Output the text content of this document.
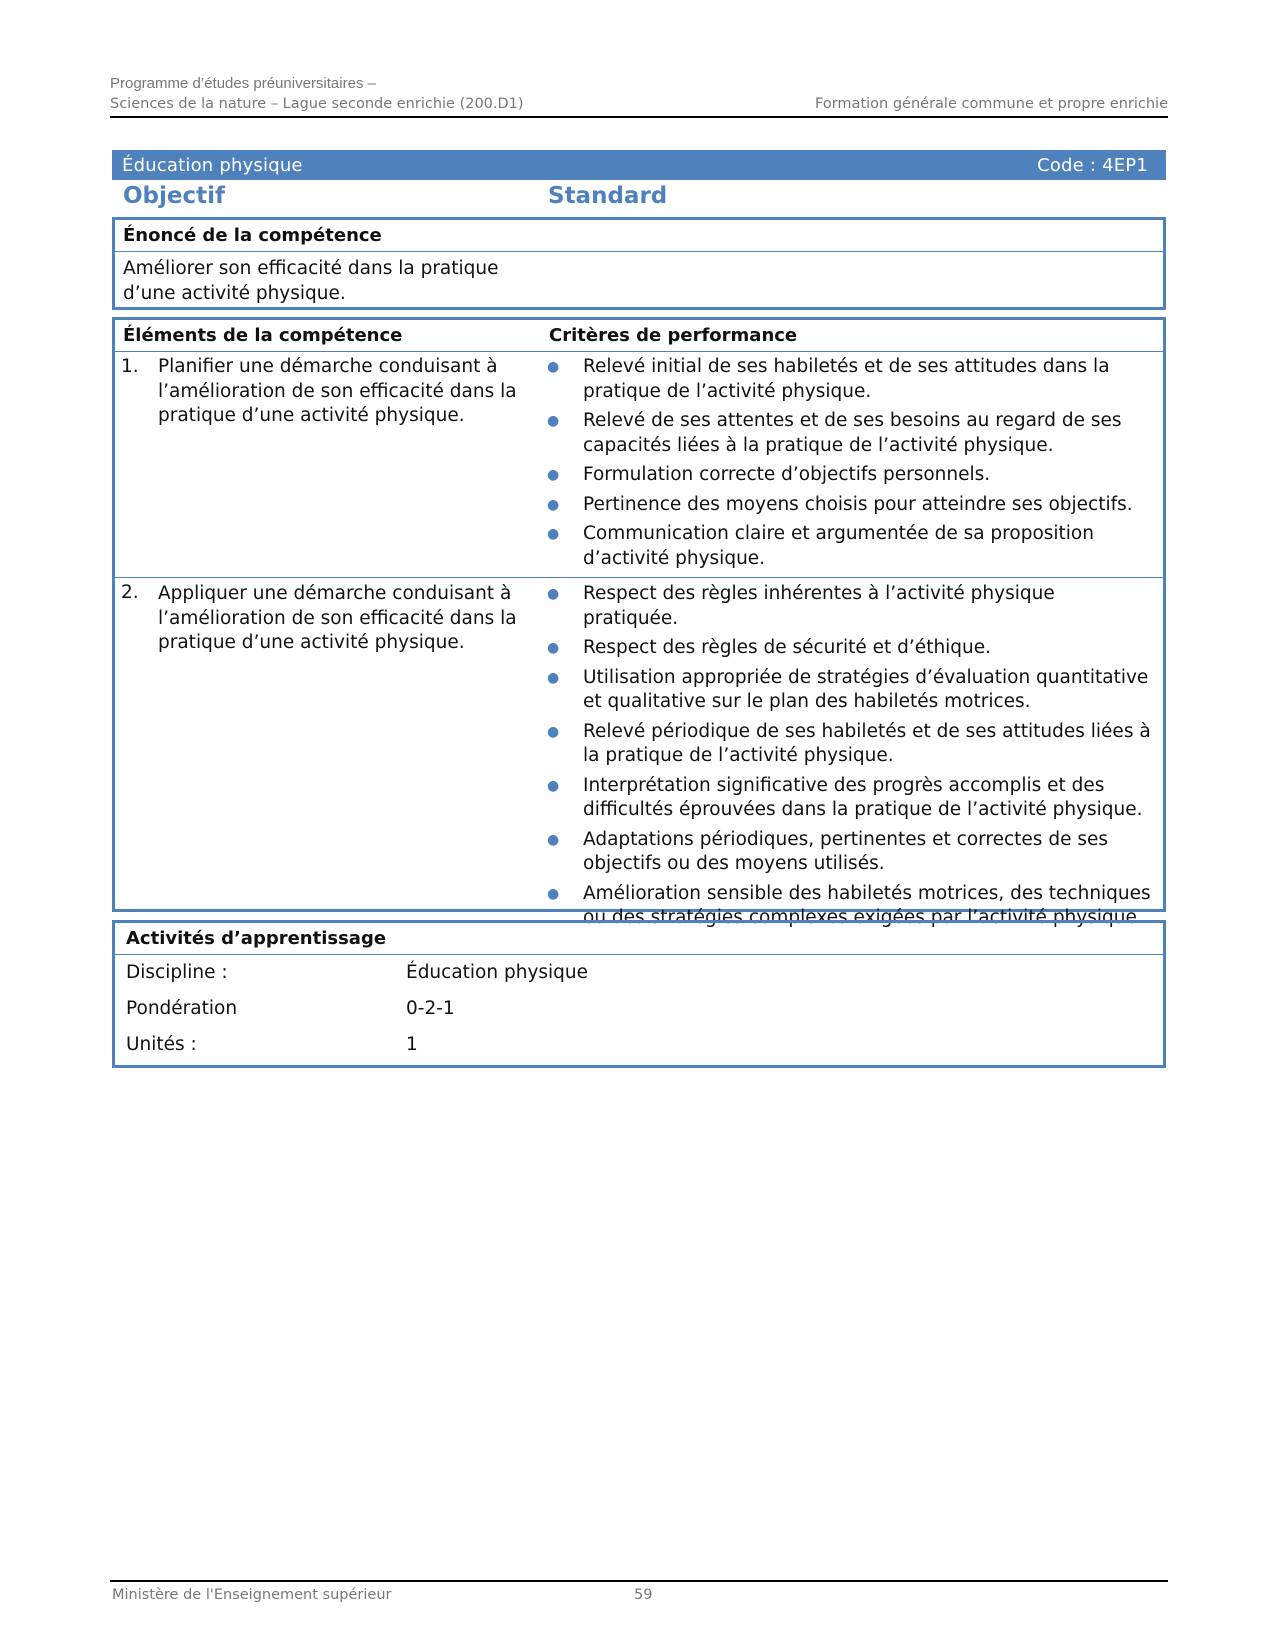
Programme d’études préuniversitaires –
Sciences de la nature – Lague seconde enrichie (200.D1)	Formation générale commune et propre enrichie
Éducation physique	Code : 4EP1
Objectif	Standard
Énoncé de la compétence
Améliorer son efficacité dans la pratique
d’une activité physique.
Éléments de la compétence	Critères de performance
1. Planifier une démarche conduisant à l’amélioration de son efficacité dans la pratique d’une activité physique.
●	Relevé initial de ses habiletés et de ses attitudes dans la pratique de l’activité physique.
●	Relevé de ses attentes et de ses besoins au regard de ses capacités liées à la pratique de l’activité physique.
●	Formulation correcte d’objectifs personnels.
●	Pertinence des moyens choisis pour atteindre ses objectifs.
●	Communication claire et argumentée de sa proposition d’activité physique.
2. Appliquer une démarche conduisant à l’amélioration de son efficacité dans la pratique d’une activité physique.
●	Respect des règles inhérentes à l’activité physique pratiquée.
●	Respect des règles de sécurité et d’éthique.
●	Utilisation appropriée de stratégies d’évaluation quantitative et qualitative sur le plan des habiletés motrices.
●	Relevé périodique de ses habiletés et de ses attitudes liées à la pratique de l’activité physique.
●	Interprétation significative des progrès accomplis et des difficultés éprouvées dans la pratique de l’activité physique.
●	Adaptations périodiques, pertinentes et correctes de ses objectifs ou des moyens utilisés.
●	Amélioration sensible des habiletés motrices, des techniques ou des stratégies complexes exigées par l’activité physique.
Activités d’apprentissage
Discipline :	Éducation physique
Pondération	0-2-1
Unités :	1
Ministère de l'Enseignement supérieur	59
